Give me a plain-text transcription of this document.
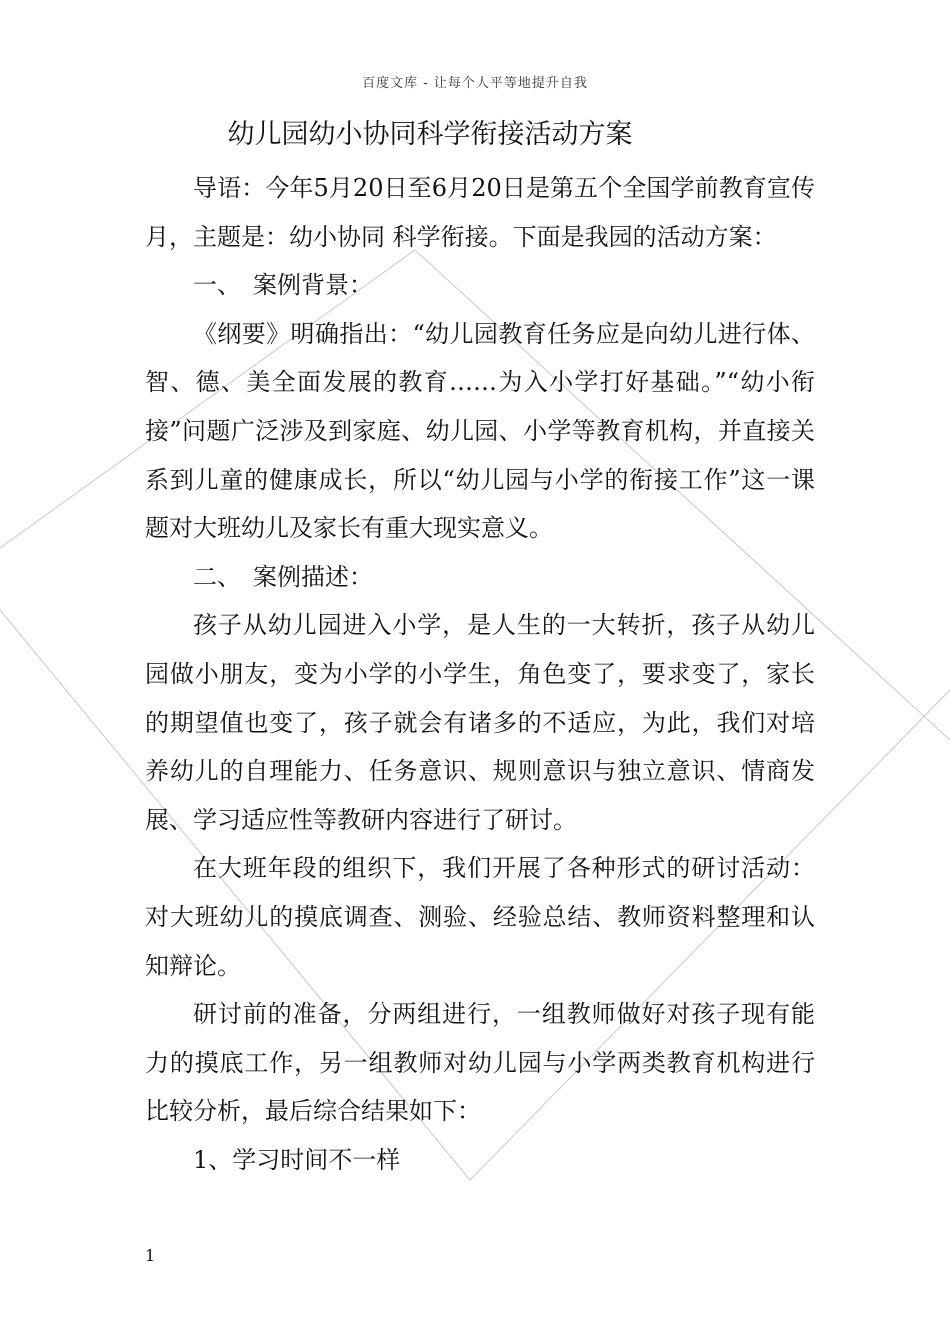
百度文库 - 让每个人平等地提升自我
幼儿园幼小协同科学衔接活动方案

导语：今年5月20日至6月20日是第五个全国学前教育宣传月，主题是：幼小协同 科学衔接。下面是我园的活动方案：

一、　案例背景：

《纲要》明确指出：“幼儿园教育任务应是向幼儿进行体、智、德、美全面发展的教育……为入小学打好基础。”“幼小衔接”问题广泛涉及到家庭、幼儿园、小学等教育机构，并直接关系到儿童的健康成长，所以“幼儿园与小学的衔接工作”这一课题对大班幼儿及家长有重大现实意义。

二、　案例描述：

孩子从幼儿园进入小学，是人生的一大转折，孩子从幼儿园做小朋友，变为小学的小学生，角色变了，要求变了，家长的期望值也变了，孩子就会有诸多的不适应，为此，我们对培养幼儿的自理能力、任务意识、规则意识与独立意识、情商发展、学习适应性等教研内容进行了研讨。

在大班年段的组织下，我们开展了各种形式的研讨活动：对大班幼儿的摸底调查、测验、经验总结、教师资料整理和认知辩论。

研讨前的准备，分两组进行，一组教师做好对孩子现有能力的摸底工作，另一组教师对幼儿园与小学两类教育机构进行比较分析，最后综合结果如下：

1、学习时间不一样

1
